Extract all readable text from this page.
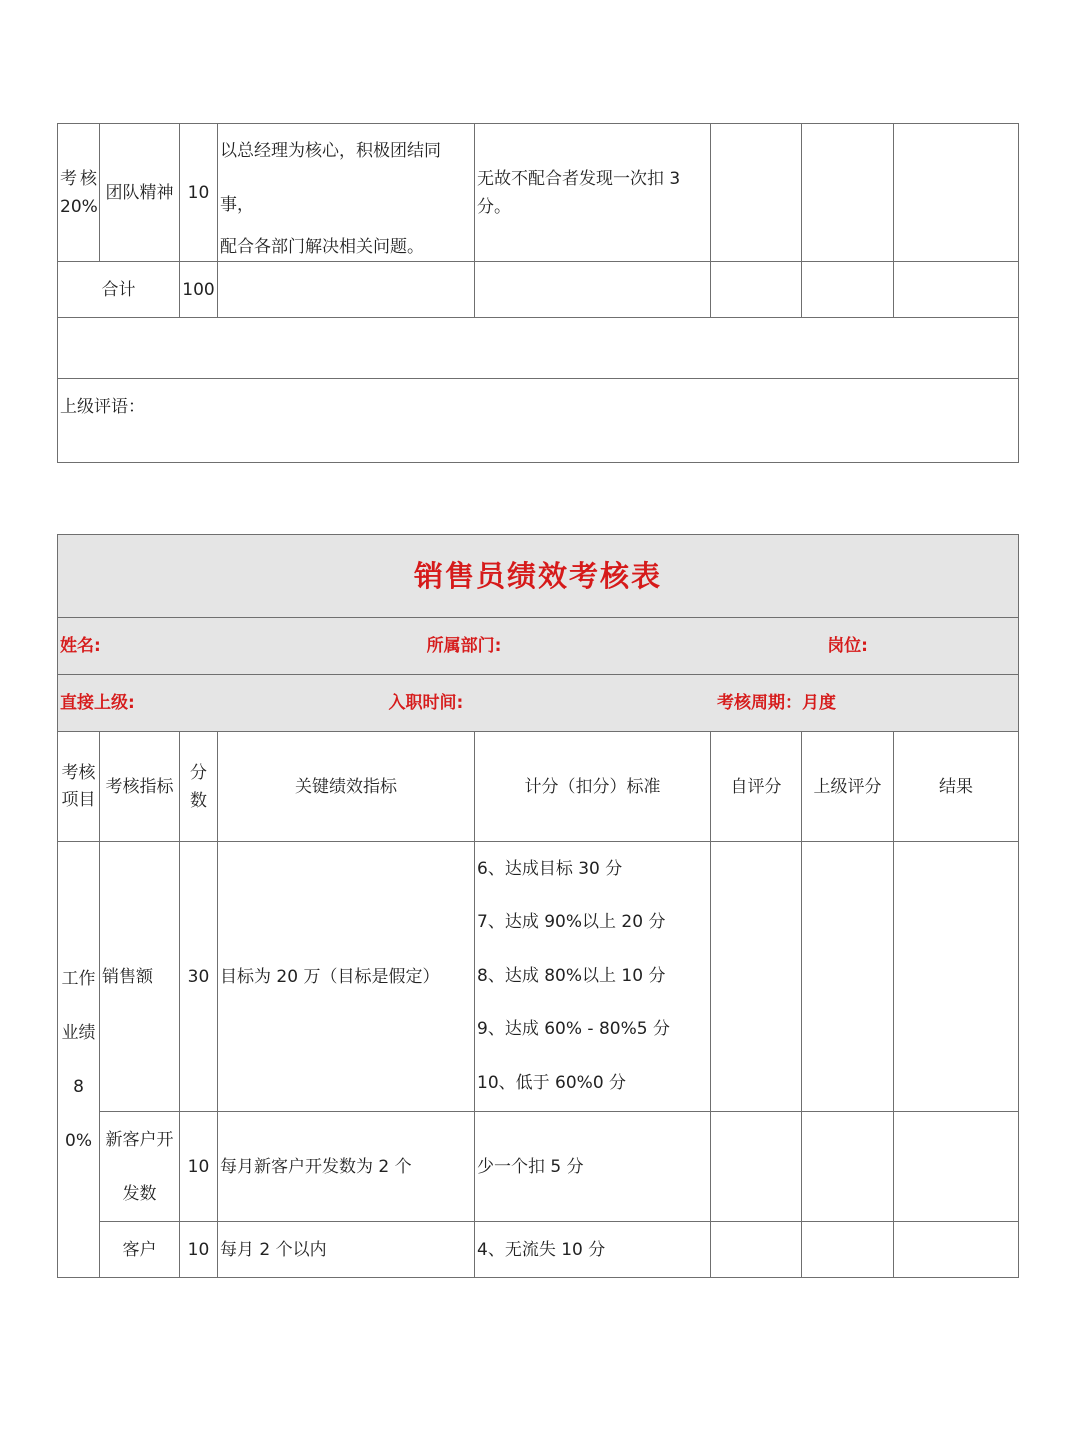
考核20%	团队精神	10	以总经理为核心，积极团结同事，
配合各部门解决相关问题。	无故不配合者发现一次扣 3 分。			
合计		100					

上级评语：							
销售员绩效考核表							

姓名: 所属部门: 岗位:							

直接上级: 入职时间: 考核周期：月度							

考核项目	考核指标	分数	关键绩效指标	计分（扣分）标准	自评分	上级评分	结果
工作业绩80%	销售额	30	目标为 20 万（目标是假定）	6、达成目标 30 分
7、达成 90%以上 20 分
8、达成 80%以上 10 分
9、达成 60% - 80%5 分
10、低于 60%0 分			

	新客户开发数	10	每月新客户开发数为 2 个	少一个扣 5 分			
	客户	10	每月 2 个以内	4、无流失 10 分			
